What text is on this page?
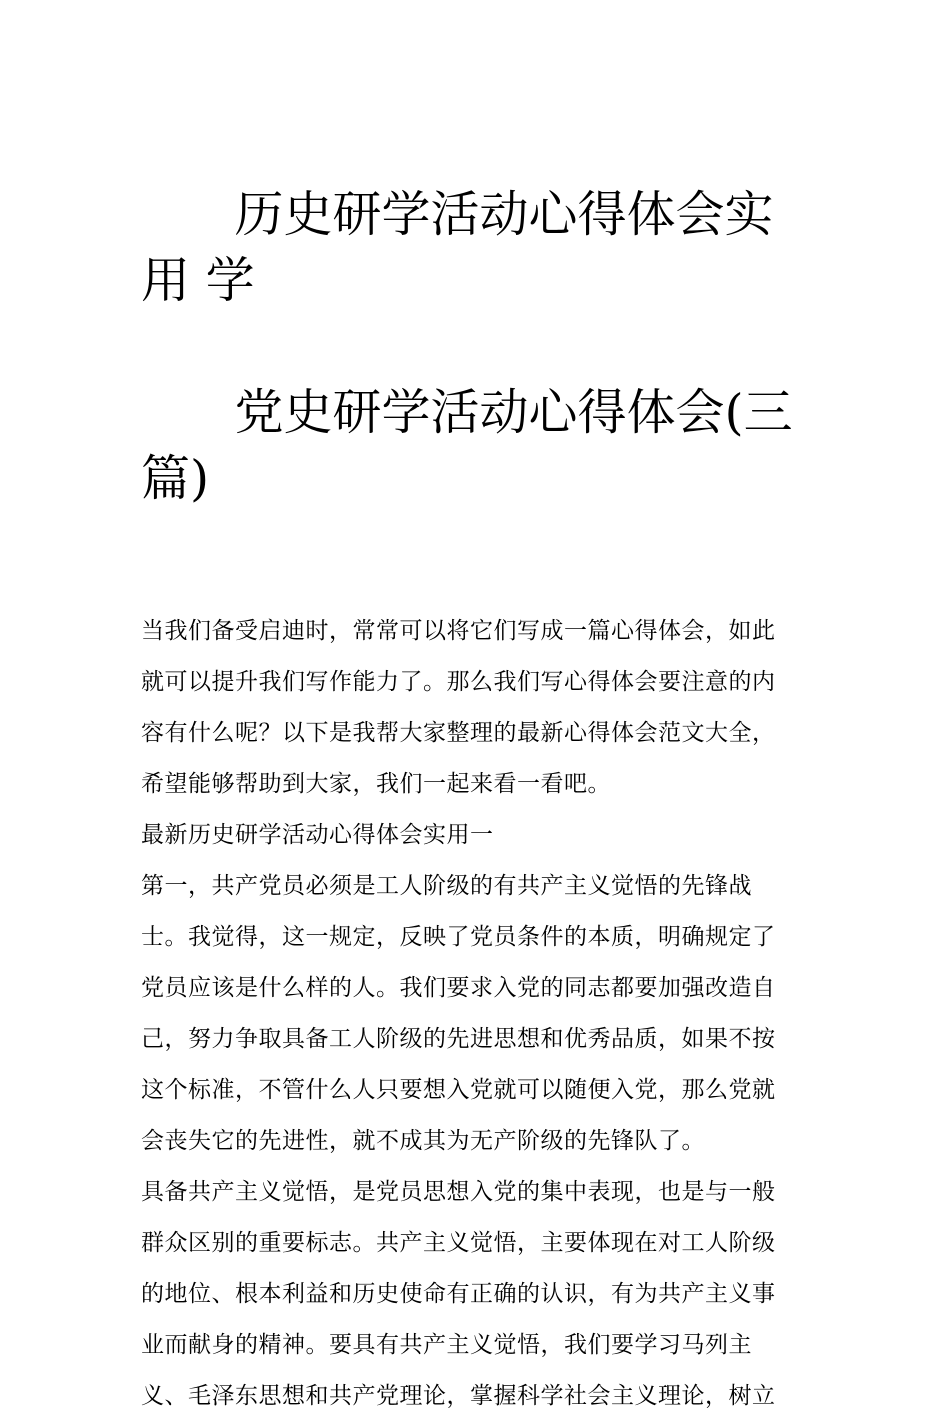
历史研学活动心得体会实用 学

党史研学活动心得体会(三篇)

当我们备受启迪时，常常可以将它们写成一篇心得体会，如此
就可以提升我们写作能力了。那么我们写心得体会要注意的内
容有什么呢？以下是我帮大家整理的最新心得体会范文大全，
希望能够帮助到大家，我们一起来看一看吧。
最新历史研学活动心得体会实用一
第一，共产党员必须是工人阶级的有共产主义觉悟的先锋战
士。我觉得，这一规定，反映了党员条件的本质，明确规定了
党员应该是什么样的人。我们要求入党的同志都要加强改造自
己，努力争取具备工人阶级的先进思想和优秀品质，如果不按
这个标准，不管什么人只要想入党就可以随便入党，那么党就
会丧失它的先进性，就不成其为无产阶级的先锋队了。
具备共产主义觉悟，是党员思想入党的集中表现，也是与一般
群众区别的重要标志。共产主义觉悟，主要体现在对工人阶级
的地位、根本利益和历史使命有正确的认识，有为共产主义事
业而献身的精神。要具有共产主义觉悟，我们要学习马列主
义、毛泽东思想和共产党理论，掌握科学社会主义理论，树立
